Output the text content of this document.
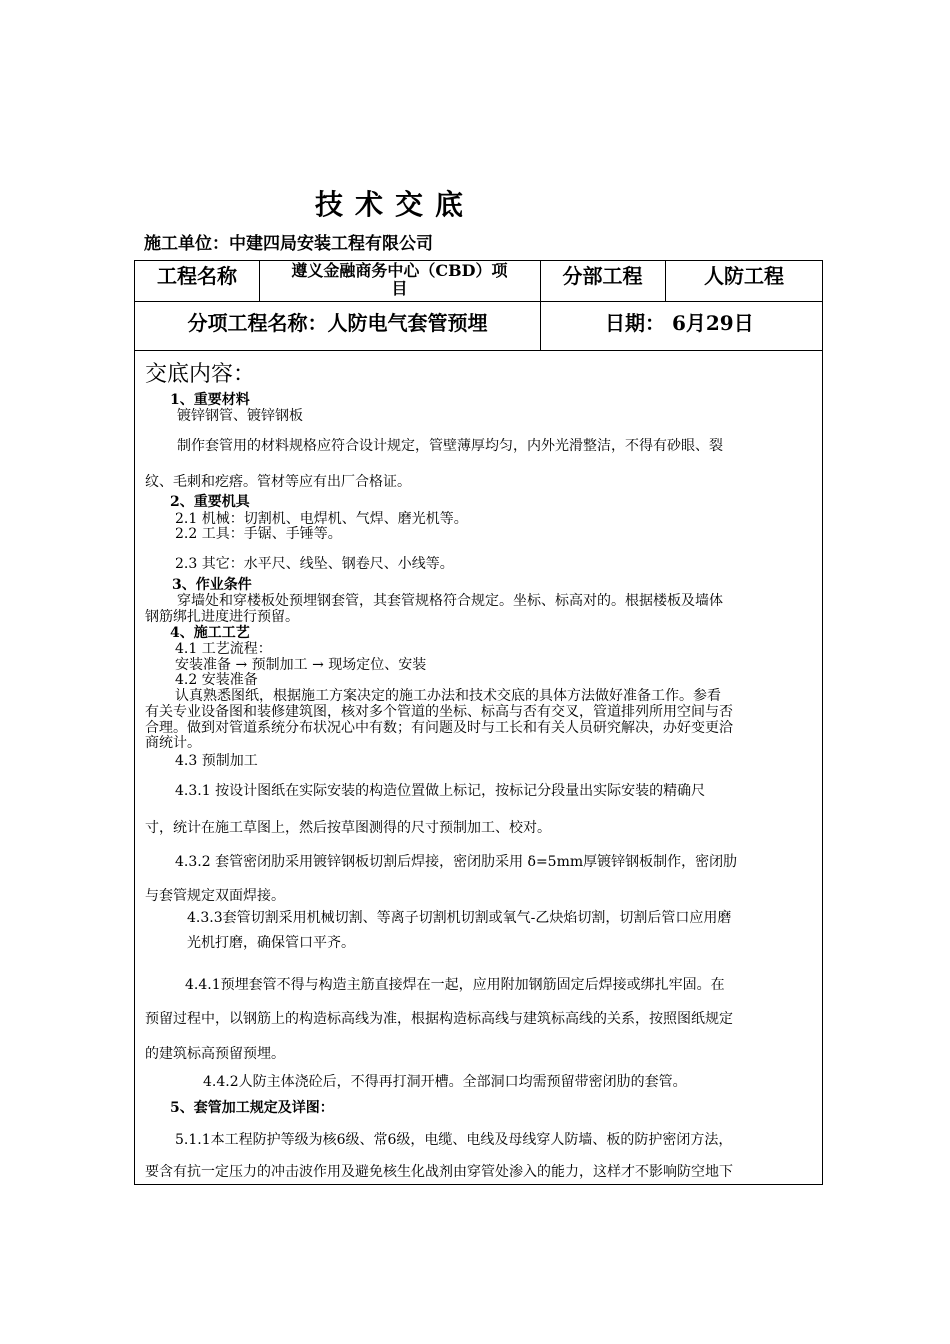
技术交底
施工单位：中建四局安装工程有限公司
工程名称	遵义金融商务中心（CBD）项
目
分部工程	人防工程
分项工程名称：人防电气套管预埋	日期： 6月29日
交底内容：
1、重要材料
镀锌钢管、镀锌钢板
制作套管用的材料规格应符合设计规定，管壁薄厚均匀，内外光滑整洁，不得有砂眼、裂
纹、毛刺和疙瘩。管材等应有出厂合格证。
2、重要机具
2.1 机械：切割机、电焊机、气焊、磨光机等。
2.2 工具：手锯、手锤等。
2.3 其它：水平尺、线坠、钢卷尺、小线等。
3、作业条件
穿墙处和穿楼板处预埋钢套管，其套管规格符合规定。坐标、标高对的。根据楼板及墙体
钢筋绑扎进度进行预留。
4、施工工艺
4.1 工艺流程：
安装准备 → 预制加工 → 现场定位、安装
4.2 安装准备
认真熟悉图纸，根据施工方案决定的施工办法和技术交底的具体方法做好准备工作。参看
有关专业设备图和装修建筑图，核对多个管道的坐标、标高与否有交叉，管道排列所用空间与否
合理。做到对管道系统分布状况心中有数；有问题及时与工长和有关人员研究解决，办好变更洽
商统计。
4.3 预制加工
4.3.1 按设计图纸在实际安装的构造位置做上标记，按标记分段量出实际安装的精确尺
寸，统计在施工草图上，然后按草图测得的尺寸预制加工、校对。
4.3.2 套管密闭肋采用镀锌钢板切割后焊接，密闭肋采用 δ=5mm厚镀锌钢板制作，密闭肋
与套管规定双面焊接。
4.3.3套管切割采用机械切割、等离子切割机切割或氧气-乙炔焰切割，切割后管口应用磨
光机打磨，确保管口平齐。
4.4.1预埋套管不得与构造主筋直接焊在一起，应用附加钢筋固定后焊接或绑扎牢固。在
预留过程中，以钢筋上的构造标高线为准，根据构造标高线与建筑标高线的关系，按照图纸规定
的建筑标高预留预埋。
4.4.2人防主体浇砼后，不得再打洞开槽。全部洞口均需预留带密闭肋的套管。
5、套管加工规定及详图：
5.1.1本工程防护等级为核6级、常6级，电缆、电线及母线穿人防墙、板的防护密闭方法，
要含有抗一定压力的冲击波作用及避免核生化战剂由穿管处渗入的能力，这样才不影响防空地下
